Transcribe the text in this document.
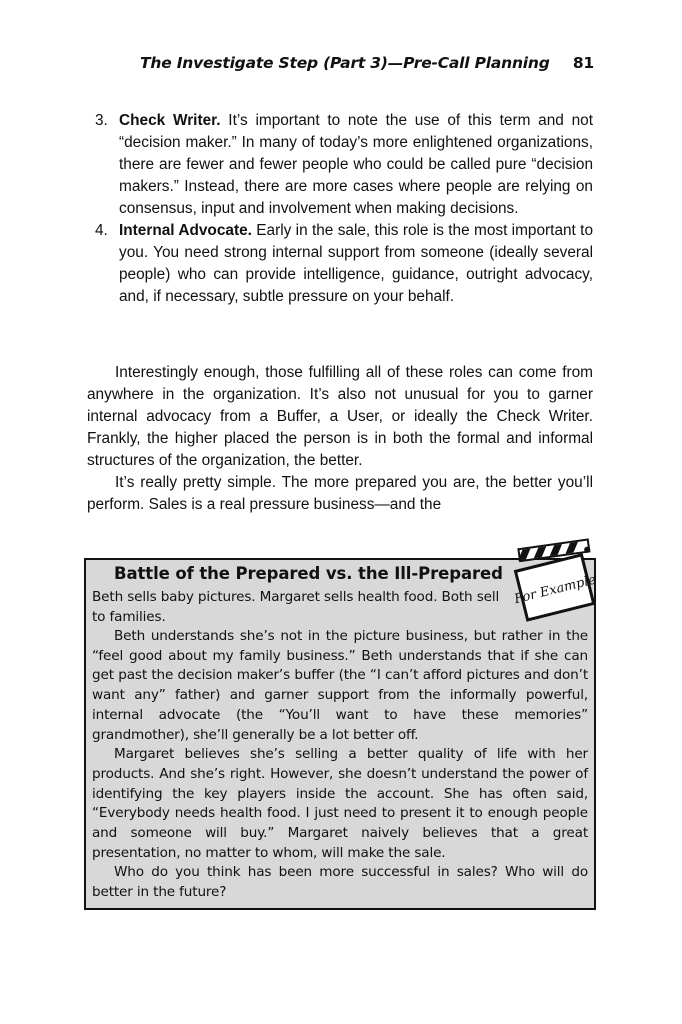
The Investigate Step (Part 3)—Pre-Call Planning 81
3. Check Writer. It’s important to note the use of this term and not “decision maker.” In many of today’s more enlightened organizations, there are fewer and fewer people who could be called pure “decision makers.” Instead, there are more cases where people are relying on consensus, input and involvement when making decisions.
4. Internal Advocate. Early in the sale, this role is the most important to you. You need strong internal support from someone (ideally several people) who can provide intelligence, guidance, outright advocacy, and, if necessary, subtle pressure on your behalf.

Interestingly enough, those fulfilling all of these roles can come from anywhere in the organization. It’s also not unusual for you to garner internal advocacy from a Buffer, a User, or ideally the Check Writer. Frankly, the higher placed the person is in both the formal and informal structures of the organization, the better.

It’s really pretty simple. The more prepared you are, the better you’ll perform. Sales is a real pressure business—and the

Battle of the Prepared vs. the Ill-Prepared
Beth sells baby pictures. Margaret sells health food. Both sell to families.

Beth understands she’s not in the picture business, but rather in the “feel good about my family business.” Beth understands that if she can get past the decision maker’s buffer (the “I can’t afford pictures and don’t want any” father) and garner support from the informally powerful, internal advocate (the “You’ll want to have these memories” grandmother), she’ll generally be a lot better off.

Margaret believes she’s selling a better quality of life with her products. And she’s right. However, she doesn’t understand the power of identifying the key players inside the account. She has often said, “Everybody needs health food. I just need to present it to enough people and someone will buy.” Margaret naively believes that a great presentation, no matter to whom, will make the sale.

Who do you think has been more successful in sales? Who will do better in the future?

For Example
